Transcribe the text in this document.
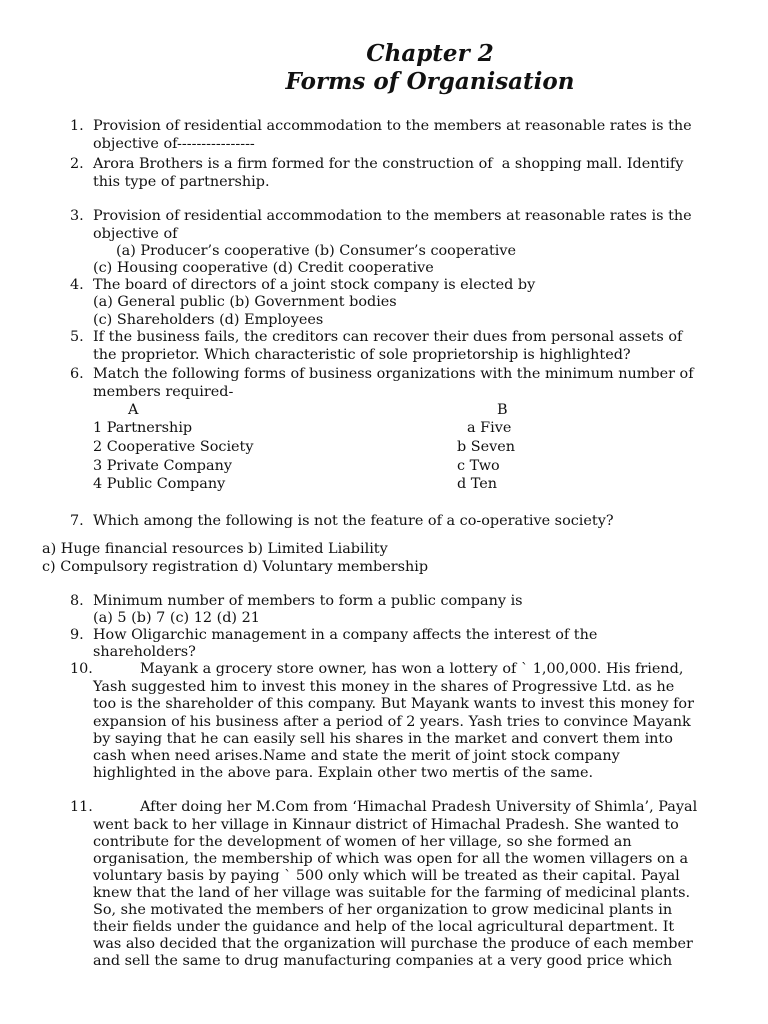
Chapter 2
Forms of Organisation
1. Provision of residential accommodation to the members at reasonable rates is the
objective of----------------
2. Arora Brothers is a firm formed for the construction of  a shopping mall. Identify
this type of partnership.
3. Provision of residential accommodation to the members at reasonable rates is the
objective of
(a) Producer’s cooperative (b) Consumer’s cooperative
(c) Housing cooperative (d) Credit cooperative
4. The board of directors of a joint stock company is elected by
(a) General public (b) Government bodies
(c) Shareholders (d) Employees
5. If the business fails, the creditors can recover their dues from personal assets of
the proprietor. Which characteristic of sole proprietorship is highlighted?
6. Match the following forms of business organizations with the minimum number of
members required-
A	B
1 Partnership	a Five
2 Cooperative Society	b Seven
3 Private Company	c Two
4 Public Company	d Ten
7. Which among the following is not the feature of a co-operative society?
a) Huge financial resources b) Limited Liability
c) Compulsory registration d) Voluntary membership
8. Minimum number of members to form a public company is
(a) 5 (b) 7 (c) 12 (d) 21
9. How Oligarchic management in a company affects the interest of the
shareholders?
10.	Mayank a grocery store owner, has won a lottery of ` 1,00,000. His friend,
Yash suggested him to invest this money in the shares of Progressive Ltd. as he
too is the shareholder of this company. But Mayank wants to invest this money for
expansion of his business after a period of 2 years. Yash tries to convince Mayank
by saying that he can easily sell his shares in the market and convert them into
cash when need arises.Name and state the merit of joint stock company
highlighted in the above para. Explain other two mertis of the same.
11.	After doing her M.Com from ‘Himachal Pradesh University of Shimla’, Payal
went back to her village in Kinnaur district of Himachal Pradesh. She wanted to
contribute for the development of women of her village, so she formed an
organisation, the membership of which was open for all the women villagers on a
voluntary basis by paying ` 500 only which will be treated as their capital. Payal
knew that the land of her village was suitable for the farming of medicinal plants.
So, she motivated the members of her organization to grow medicinal plants in
their fields under the guidance and help of the local agricultural department. It
was also decided that the organization will purchase the produce of each member
and sell the same to drug manufacturing companies at a very good price which
